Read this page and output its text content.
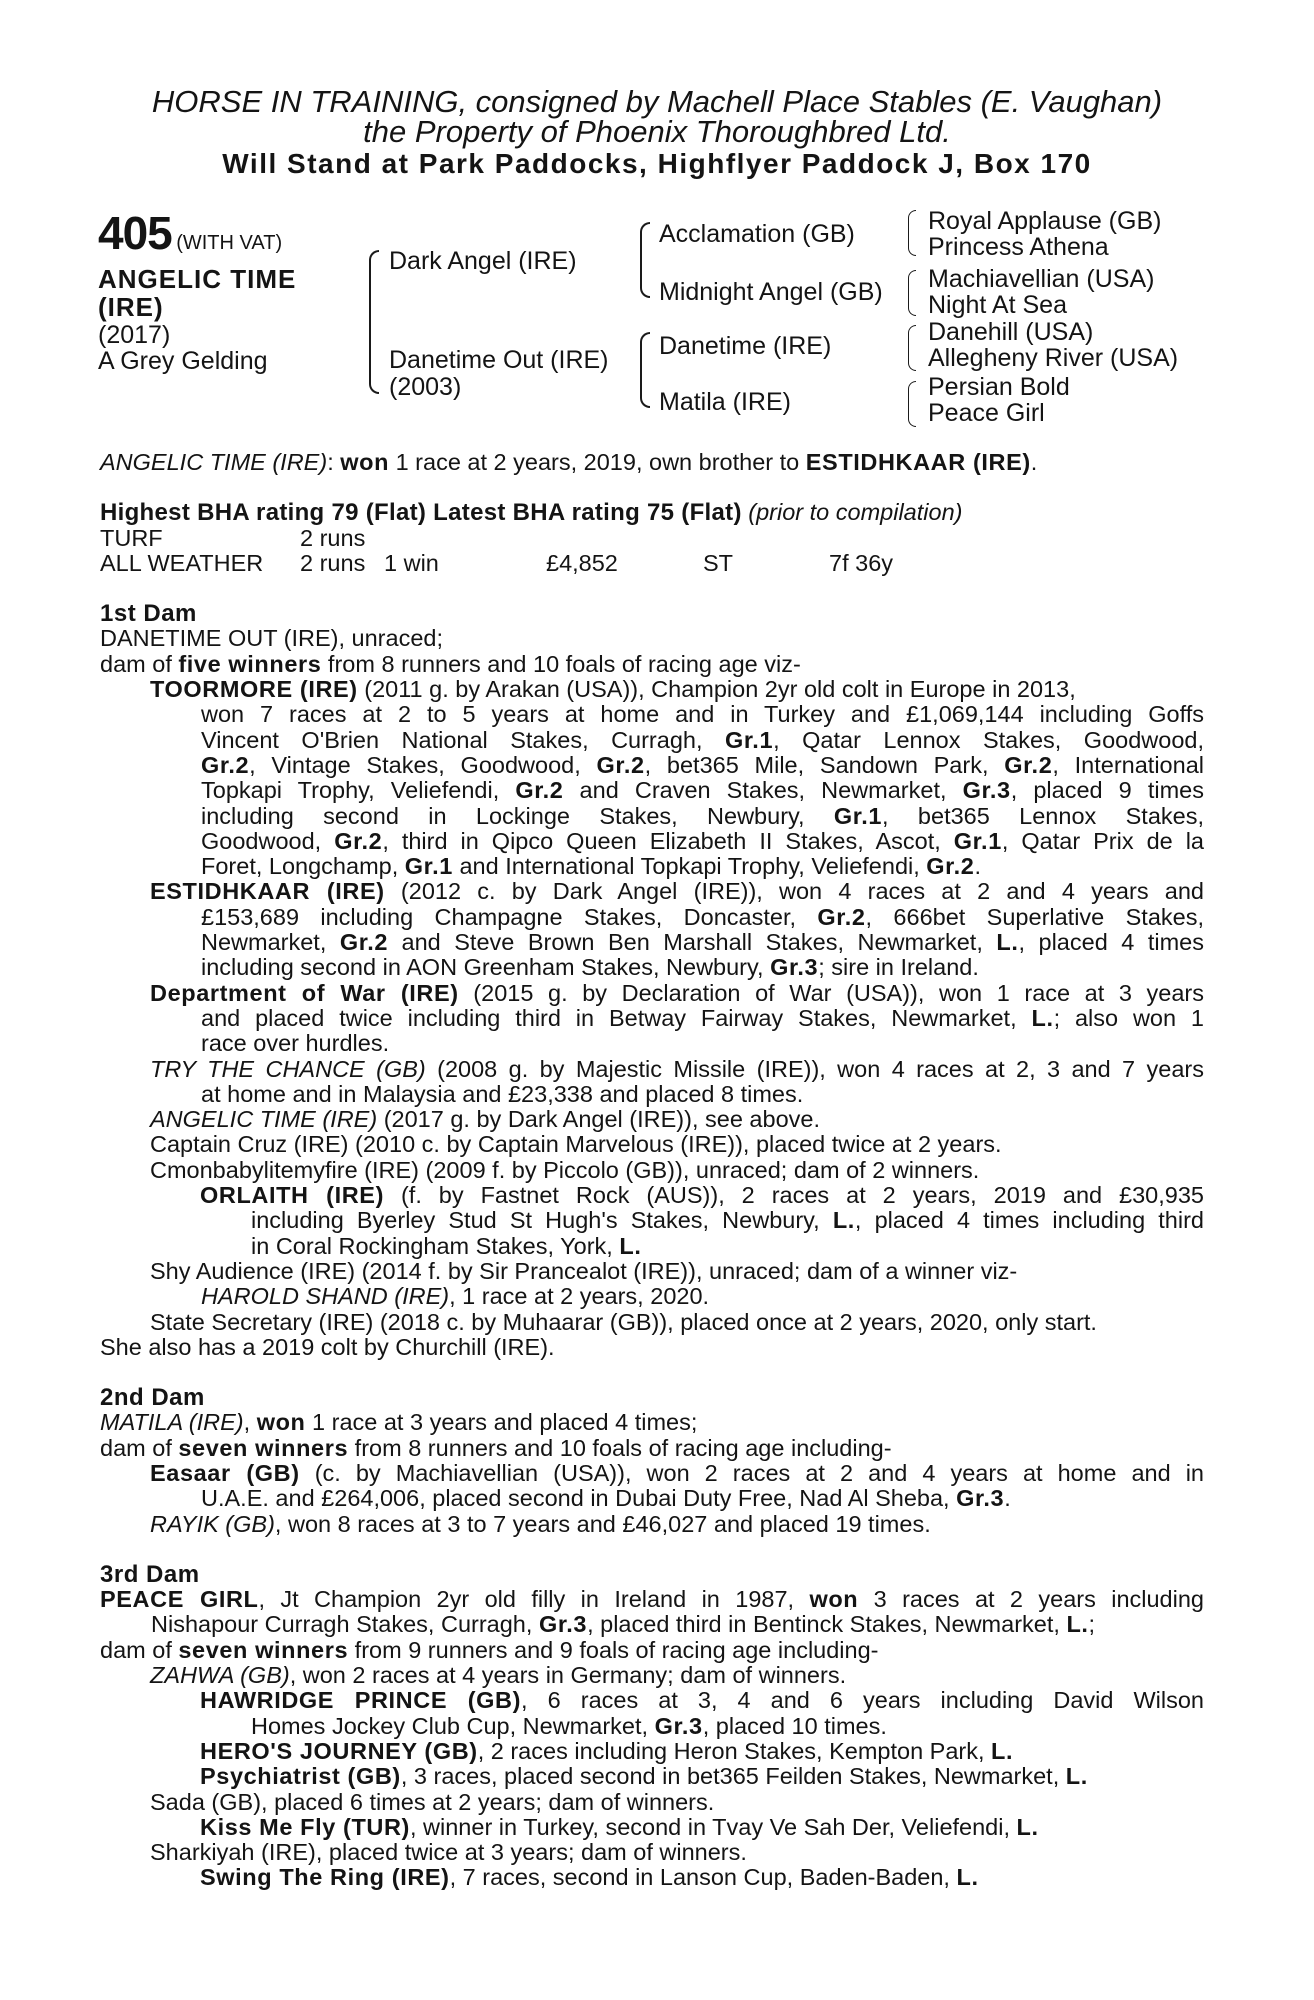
HORSE IN TRAINING, consigned by Machell Place Stables (E. Vaughan)
the Property of Phoenix Thoroughbred Ltd.
Will Stand at Park Paddocks, Highflyer Paddock J, Box 170
405 (WITH VAT)
ANGELIC TIME
(IRE)
(2017)
A Grey Gelding
Dark Angel (IRE)
Danetime Out (IRE)
(2003)
Acclamation (GB)
Midnight Angel (GB)
Danetime (IRE)
Matila (IRE)
Royal Applause (GB)
Princess Athena
Machiavellian (USA)
Night At Sea
Danehill (USA)
Allegheny River (USA)
Persian Bold
Peace Girl
ANGELIC TIME (IRE): won 1 race at 2 years, 2019, own brother to ESTIDHKAAR (IRE).
Highest BHA rating 79 (Flat) Latest BHA rating 75 (Flat) (prior to compilation)
TURF	2 runs
ALL WEATHER 2 runs 1 win	£4,852	ST	7f 36y
1st Dam
DANETIME OUT (IRE), unraced;
dam of five winners from 8 runners and 10 foals of racing age viz-
TOORMORE (IRE) (2011 g. by Arakan (USA)), Champion 2yr old colt in Europe in 2013,
won 7 races at 2 to 5 years at home and in Turkey and £1,069,144 including Goffs
Vincent O'Brien National Stakes, Curragh, Gr.1, Qatar Lennox Stakes, Goodwood,
Gr.2, Vintage Stakes, Goodwood, Gr.2, bet365 Mile, Sandown Park, Gr.2, International
Topkapi Trophy, Veliefendi, Gr.2 and Craven Stakes, Newmarket, Gr.3, placed 9 times
including second in Lockinge Stakes, Newbury, Gr.1, bet365 Lennox Stakes,
Goodwood, Gr.2, third in Qipco Queen Elizabeth II Stakes, Ascot, Gr.1, Qatar Prix de la
Foret, Longchamp, Gr.1 and International Topkapi Trophy, Veliefendi, Gr.2.
ESTIDHKAAR (IRE) (2012 c. by Dark Angel (IRE)), won 4 races at 2 and 4 years and
£153,689 including Champagne Stakes, Doncaster, Gr.2, 666bet Superlative Stakes,
Newmarket, Gr.2 and Steve Brown Ben Marshall Stakes, Newmarket, L., placed 4 times
including second in AON Greenham Stakes, Newbury, Gr.3; sire in Ireland.
Department of War (IRE) (2015 g. by Declaration of War (USA)), won 1 race at 3 years
and placed twice including third in Betway Fairway Stakes, Newmarket, L.; also won 1
race over hurdles.
TRY THE CHANCE (GB) (2008 g. by Majestic Missile (IRE)), won 4 races at 2, 3 and 7 years
at home and in Malaysia and £23,338 and placed 8 times.
ANGELIC TIME (IRE) (2017 g. by Dark Angel (IRE)), see above.
Captain Cruz (IRE) (2010 c. by Captain Marvelous (IRE)), placed twice at 2 years.
Cmonbabylitemyfire (IRE) (2009 f. by Piccolo (GB)), unraced; dam of 2 winners.
ORLAITH (IRE) (f. by Fastnet Rock (AUS)), 2 races at 2 years, 2019 and £30,935
including Byerley Stud St Hugh's Stakes, Newbury, L., placed 4 times including third
in Coral Rockingham Stakes, York, L.
Shy Audience (IRE) (2014 f. by Sir Prancealot (IRE)), unraced; dam of a winner viz-
HAROLD SHAND (IRE), 1 race at 2 years, 2020.
State Secretary (IRE) (2018 c. by Muhaarar (GB)), placed once at 2 years, 2020, only start.
She also has a 2019 colt by Churchill (IRE).
2nd Dam
MATILA (IRE), won 1 race at 3 years and placed 4 times;
dam of seven winners from 8 runners and 10 foals of racing age including-
Easaar (GB) (c. by Machiavellian (USA)), won 2 races at 2 and 4 years at home and in
U.A.E. and £264,006, placed second in Dubai Duty Free, Nad Al Sheba, Gr.3.
RAYIK (GB), won 8 races at 3 to 7 years and £46,027 and placed 19 times.
3rd Dam
PEACE GIRL, Jt Champion 2yr old filly in Ireland in 1987, won 3 races at 2 years including
Nishapour Curragh Stakes, Curragh, Gr.3, placed third in Bentinck Stakes, Newmarket, L.;
dam of seven winners from 9 runners and 9 foals of racing age including-
ZAHWA (GB), won 2 races at 4 years in Germany; dam of winners.
HAWRIDGE PRINCE (GB), 6 races at 3, 4 and 6 years including David Wilson
Homes Jockey Club Cup, Newmarket, Gr.3, placed 10 times.
HERO'S JOURNEY (GB), 2 races including Heron Stakes, Kempton Park, L.
Psychiatrist (GB), 3 races, placed second in bet365 Feilden Stakes, Newmarket, L.
Sada (GB), placed 6 times at 2 years; dam of winners.
Kiss Me Fly (TUR), winner in Turkey, second in Tvay Ve Sah Der, Veliefendi, L.
Sharkiyah (IRE), placed twice at 3 years; dam of winners.
Swing The Ring (IRE), 7 races, second in Lanson Cup, Baden-Baden, L.
